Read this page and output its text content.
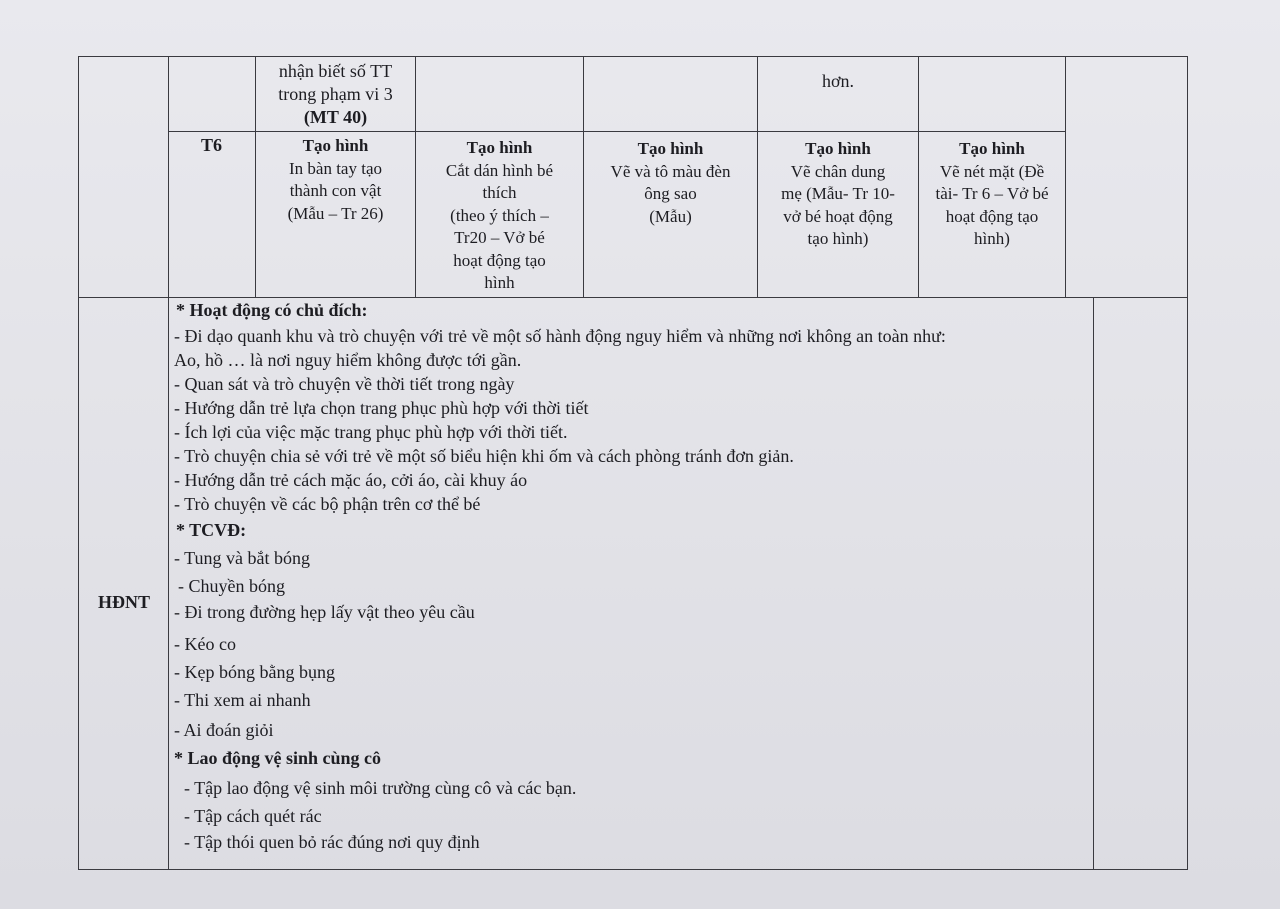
nhận biết số TT
trong phạm vi 3
(MT 40)
hơn.
T6	Tạo hình
In bàn tay tạo
thành con vật
(Mẫu – Tr 26)
Tạo hình
Cắt dán hình bé
thích
(theo ý thích –
Tr20 – Vở bé
hoạt động tạo
hình
Tạo hình
Vẽ và tô màu đèn
ông sao
(Mẫu)
Tạo hình
Vẽ chân dung
mẹ (Mẫu- Tr 10-
vở bé hoạt động
tạo hình)
Tạo hình
Vẽ nét mặt (Đề
tài- Tr 6 – Vở bé
hoạt động tạo
hình)
HĐNT
* Hoạt động có chủ đích:
- Đi dạo quanh khu và trò chuyện với trẻ về một số hành động nguy hiểm và những nơi không an toàn như:
Ao, hồ … là nơi nguy hiểm không được tới gần.
- Quan sát và trò chuyện về thời tiết trong ngày
- Hướng dẫn trẻ lựa chọn trang phục phù hợp với thời tiết
- Ích lợi của việc mặc trang phục phù hợp với thời tiết.
- Trò chuyện chia sẻ với trẻ về một số biểu hiện khi ốm và cách phòng tránh đơn giản.
- Hướng dẫn trẻ cách mặc áo, cởi áo, cài khuy áo
- Trò chuyện về các bộ phận trên cơ thể bé
* TCVĐ:
- Tung và bắt bóng
- Chuyền bóng
- Đi trong đường hẹp lấy vật theo yêu cầu
- Kéo co
- Kẹp bóng bằng bụng
- Thi xem ai nhanh
- Ai đoán giỏi
* Lao động vệ sinh cùng cô
- Tập lao động vệ sinh môi trường cùng cô và các bạn.
- Tập cách quét rác
- Tập thói quen bỏ rác đúng nơi quy định
